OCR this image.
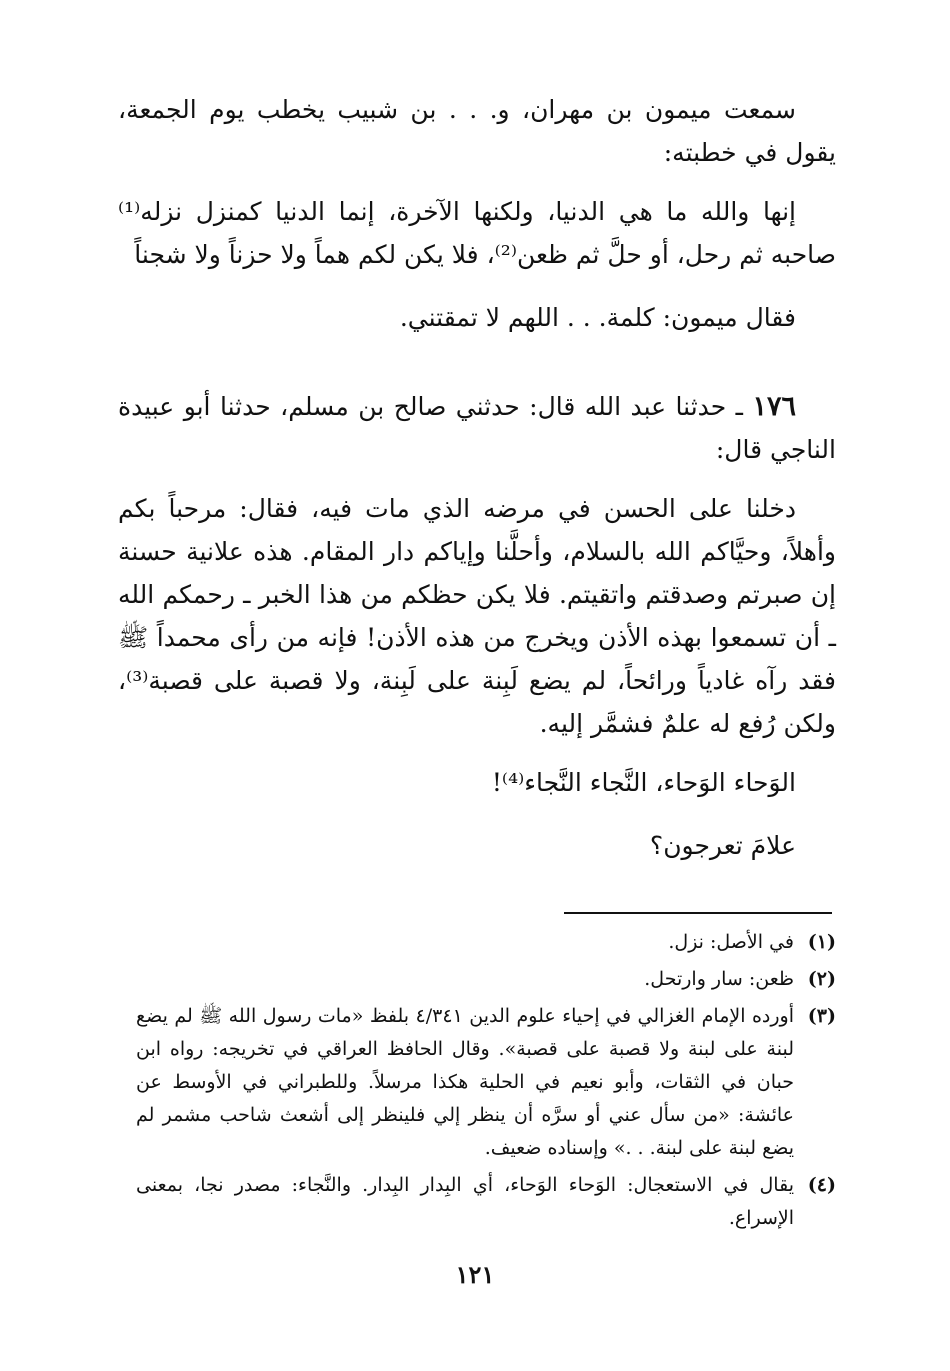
سمعت ميمون بن مهران، و. . . بن شبيب يخطب يوم الجمعة، يقول في خطبته:

إنها والله ما هي الدنيا، ولكنها الآخرة، إنما الدنيا كمنزل نزله⁽¹⁾ صاحبه ثم رحل، أو حلَّ ثم ظعن⁽²⁾، فلا يكن لكم هماً ولا حزناً ولا شجناً

فقال ميمون: كلمة. . . اللهم لا تمقتني.

١٧٦ ـ حدثنا عبد الله قال: حدثني صالح بن مسلم، حدثنا أبو عبيدة الناجي قال:

دخلنا على الحسن في مرضه الذي مات فيه، فقال: مرحباً بكم وأهلاً، وحيَّاكم الله بالسلام، وأحلَّنا وإياكم دار المقام. هذه علانية حسنة إن صبرتم وصدقتم واتقيتم. فلا يكن حظكم من هذا الخبر ـ رحمكم الله ـ أن تسمعوا بهذه الأذن ويخرج من هذه الأذن! فإنه من رأى محمداً ﷺ فقد رآه غادياً ورائحاً، لم يضع لَبِنة على لَبِنة، ولا قصبة على قصبة⁽³⁾، ولكن رُفع له علمٌ فشمَّر إليه.

الوَحاء الوَحاء، النَّجاء النَّجاء⁽⁴⁾!

علامَ تعرجون؟

(١)
في الأصل: نزل.
(٢)
ظعن: سار وارتحل.
(٣)
أورده الإمام الغزالي في إحياء علوم الدين ٤/٣٤١ بلفظ «مات رسول الله ﷺ لم يضع لبنة على لبنة ولا قصبة على قصبة». وقال الحافظ العراقي في تخريجه: رواه ابن حبان في الثقات، وأبو نعيم في الحلية هكذا مرسلاً. وللطبراني في الأوسط عن عائشة: «من سأل عني أو سرَّه أن ينظر إلي فلينظر إلى أشعث شاحب مشمر لم يضع لبنة على لبنة. . .» وإسناده ضعيف.
(٤)
يقال في الاستعجال: الوَحاء الوَحاء، أي البِدار البِدار. والنَّجاء: مصدر نجا، بمعنى الإسراع.
١٢١
